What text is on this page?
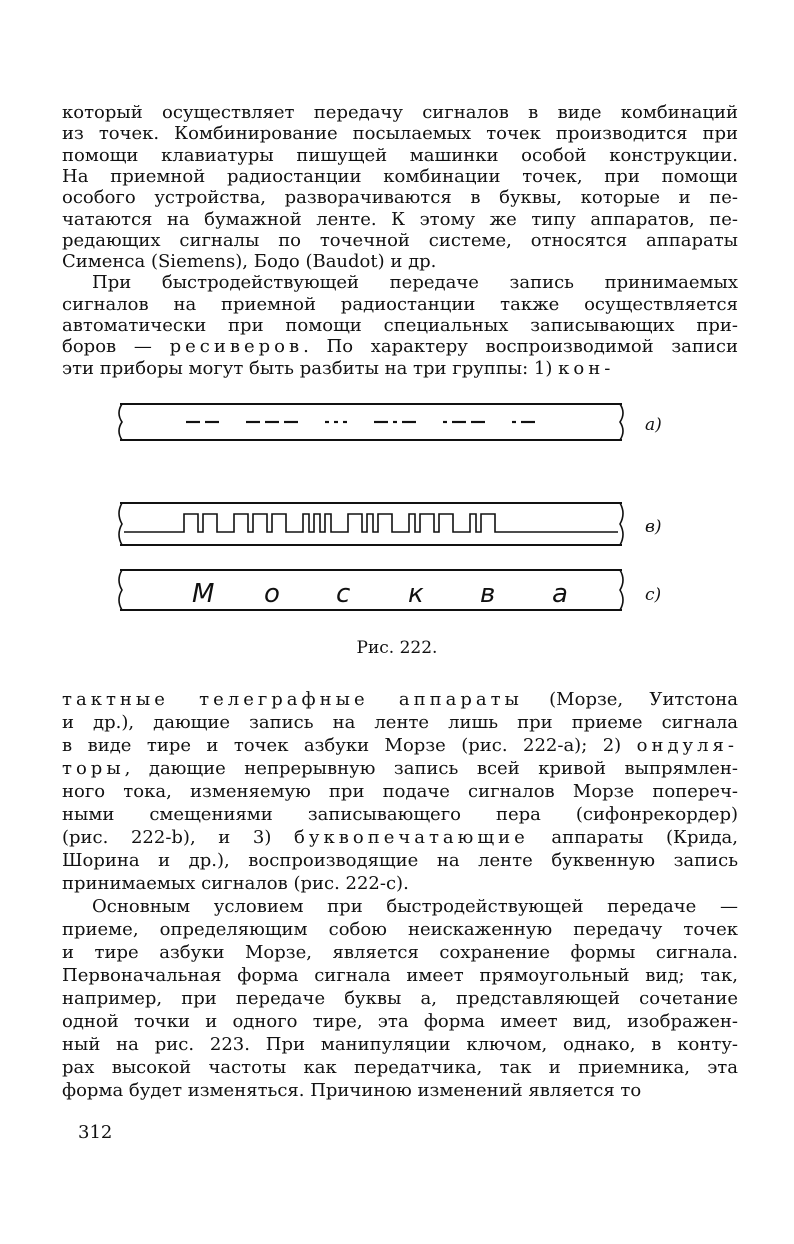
который осуществляет передачу сигналов в виде комбинаций
из точек. Комбинирование посылаемых точек производится при
помощи клавиатуры пишущей машинки особой конструкции.
На приемной радиостанции комбинации точек, при помощи
особого устройства, разворачиваются в буквы, которые и пе-
чатаются на бумажной ленте. К этому же типу аппаратов, пе-
редающих сигналы по точечной системе, относятся аппараты
Сименса (Siemens), Бодо (Baudot) и др.
При быстродействующей передаче запись принимаемых
сигналов на приемной радиостанции также осуществляется
автоматически при помощи специальных записывающих при-
боров — ресиверов. По характеру воспроизводимой записи
эти приборы могут быть разбиты на три группы: 1) кон-
М о с к в а
a)
в)
c)
Рис. 222.
тактные телеграфные аппараты (Морзе, Уитстона
и др.), дающие запись на ленте лишь при приеме сигнала
в виде тире и точек азбуки Морзе (рис. 222-а); 2) ондуля-
торы, дающие непрерывную запись всей кривой выпрямлен-
ного тока, изменяемую при подаче сигналов Морзе попереч-
ными смещениями записывающего пера (сифонрекордер)
(рис. 222-b), и 3) буквопечатающие аппараты (Крида,
Шорина и др.), воспроизводящие на ленте буквенную запись
принимаемых сигналов (рис. 222-с).
Основным условием при быстродействующей передаче —
приеме, определяющим собою неискаженную передачу точек
и тире азбуки Морзе, является сохранение формы сигнала.
Первоначальная форма сигнала имеет прямоугольный вид; так,
например, при передаче буквы а, представляющей сочетание
одной точки и одного тире, эта форма имеет вид, изображен-
ный на рис. 223. При манипуляции ключом, однако, в конту-
рах высокой частоты как передатчика, так и приемника, эта
форма будет изменяться. Причиною изменений является то
312
